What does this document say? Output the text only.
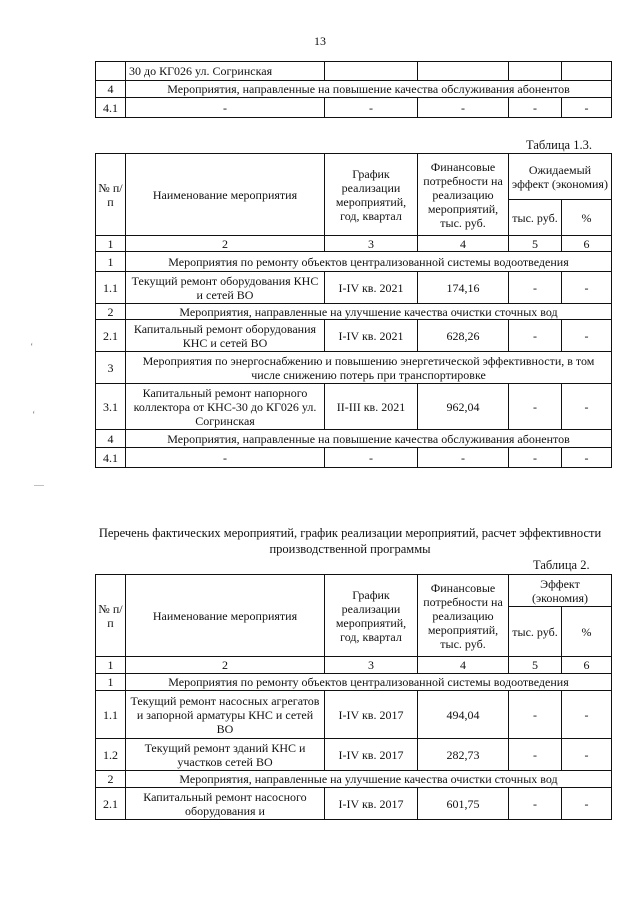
13
	30 до КГ026 ул. Согринская				
4	Мероприятия, направленные на повышение качества обслуживания абонентов				
4.1	-	-	-	-	-
Таблица 1.3.
№ п/ п	Наименование мероприятия	График реализации мероприятий, год, квартал	Финансовые потребности на реализацию мероприятий, тыс. руб.	Ожидаемый эффект (экономия)	
				тыс. руб.	%
1	2	3	4	5	6
1	Мероприятия по ремонту объектов централизованной системы водоотведения				
1.1	Текущий ремонт оборудования КНС и сетей ВО	I-IV кв. 2021	174,16	-	-
2	Мероприятия, направленные на улучшение качества очистки сточных вод				
2.1	Капитальный ремонт оборудования КНС и сетей ВО	I-IV кв. 2021	628,26	-	-
3	Мероприятия по энергоснабжению и повышению энергетической эффективности, в том числе снижению потерь при транспортировке				
3.1	Капитальный ремонт напорного коллектора от КНС-30 до КГ026 ул. Согринская	II-III кв. 2021	962,04	-	-
4	Мероприятия, направленные на повышение качества обслуживания абонентов				
4.1	-	-	-	-	-
‘
‘
—
Перечень фактических мероприятий, график реализации мероприятий, расчет эффективности производственной программы
Таблица 2.
№ п/ п	Наименование мероприятия	График реализации мероприятий, год, квартал	Финансовые потребности на реализацию мероприятий, тыс. руб.	Эффект (экономия)	
				тыс. руб.	%
1	2	3	4	5	6
1	Мероприятия по ремонту объектов централизованной системы водоотведения				
1.1	Текущий ремонт насосных агрегатов и запорной арматуры КНС и сетей ВО	I-IV кв. 2017	494,04	-	-
1.2	Текущий ремонт зданий КНС и участков сетей ВО	I-IV кв. 2017	282,73	-	-
2	Мероприятия, направленные на улучшение качества очистки сточных вод				
2.1	Капитальный ремонт насосного оборудования и	I-IV кв. 2017	601,75	-	-
